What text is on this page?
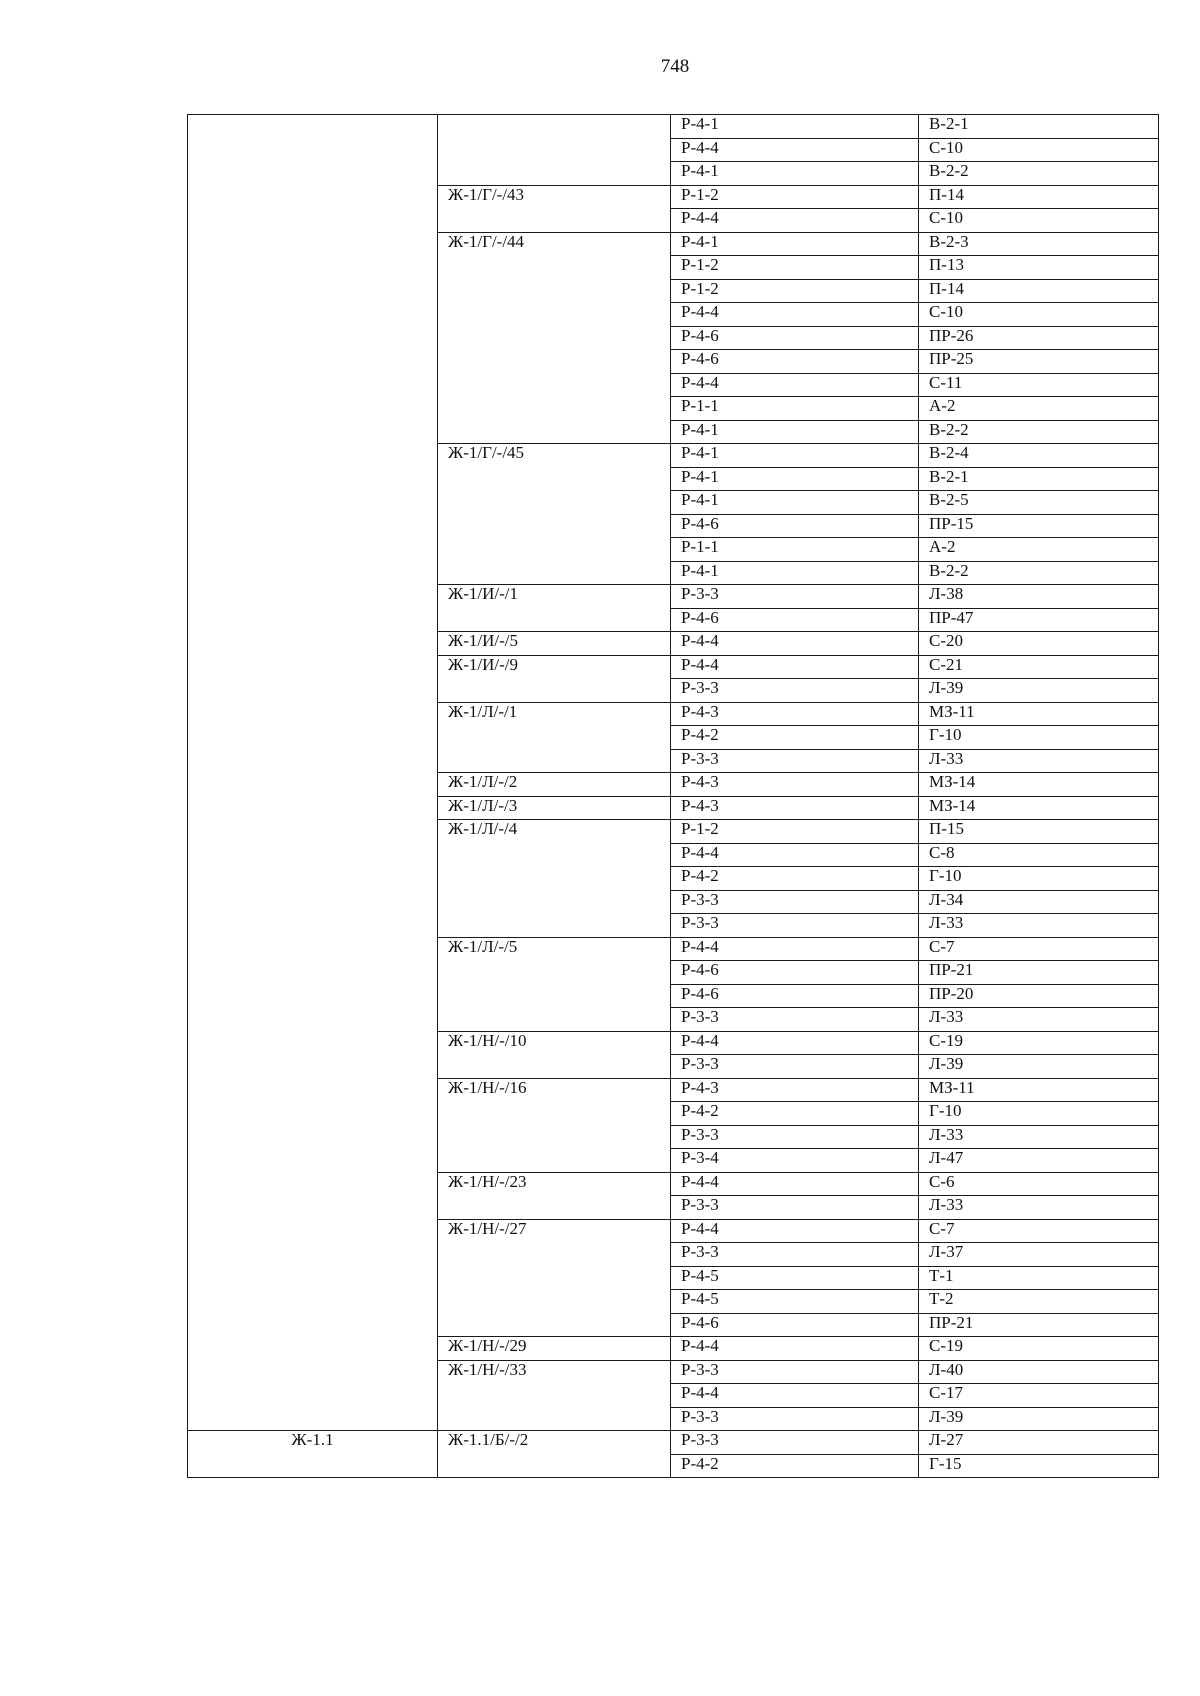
748
		Р-4-1	В-2-1
		Р-4-4	С-10
		Р-4-1	В-2-2
	Ж-1/Г/-/43	Р-1-2	П-14
		Р-4-4	С-10
	Ж-1/Г/-/44	Р-4-1	В-2-3
		Р-1-2	П-13
		Р-1-2	П-14
		Р-4-4	С-10
		Р-4-6	ПР-26
		Р-4-6	ПР-25
		Р-4-4	С-11
		Р-1-1	А-2
		Р-4-1	В-2-2
	Ж-1/Г/-/45	Р-4-1	В-2-4
		Р-4-1	В-2-1
		Р-4-1	В-2-5
		Р-4-6	ПР-15
		Р-1-1	А-2
		Р-4-1	В-2-2
	Ж-1/И/-/1	Р-3-3	Л-38
		Р-4-6	ПР-47
	Ж-1/И/-/5	Р-4-4	С-20
	Ж-1/И/-/9	Р-4-4	С-21
		Р-3-3	Л-39
	Ж-1/Л/-/1	Р-4-3	МЗ-11
		Р-4-2	Г-10
		Р-3-3	Л-33
	Ж-1/Л/-/2	Р-4-3	МЗ-14
	Ж-1/Л/-/3	Р-4-3	МЗ-14
	Ж-1/Л/-/4	Р-1-2	П-15
		Р-4-4	С-8
		Р-4-2	Г-10
		Р-3-3	Л-34
		Р-3-3	Л-33
	Ж-1/Л/-/5	Р-4-4	С-7
		Р-4-6	ПР-21
		Р-4-6	ПР-20
		Р-3-3	Л-33
	Ж-1/Н/-/10	Р-4-4	С-19
		Р-3-3	Л-39
	Ж-1/Н/-/16	Р-4-3	МЗ-11
		Р-4-2	Г-10
		Р-3-3	Л-33
		Р-3-4	Л-47
	Ж-1/Н/-/23	Р-4-4	С-6
		Р-3-3	Л-33
	Ж-1/Н/-/27	Р-4-4	С-7
		Р-3-3	Л-37
		Р-4-5	Т-1
		Р-4-5	Т-2
		Р-4-6	ПР-21
	Ж-1/Н/-/29	Р-4-4	С-19
	Ж-1/Н/-/33	Р-3-3	Л-40
		Р-4-4	С-17
		Р-3-3	Л-39
Ж-1.1	Ж-1.1/Б/-/2	Р-3-3	Л-27
		Р-4-2	Г-15
